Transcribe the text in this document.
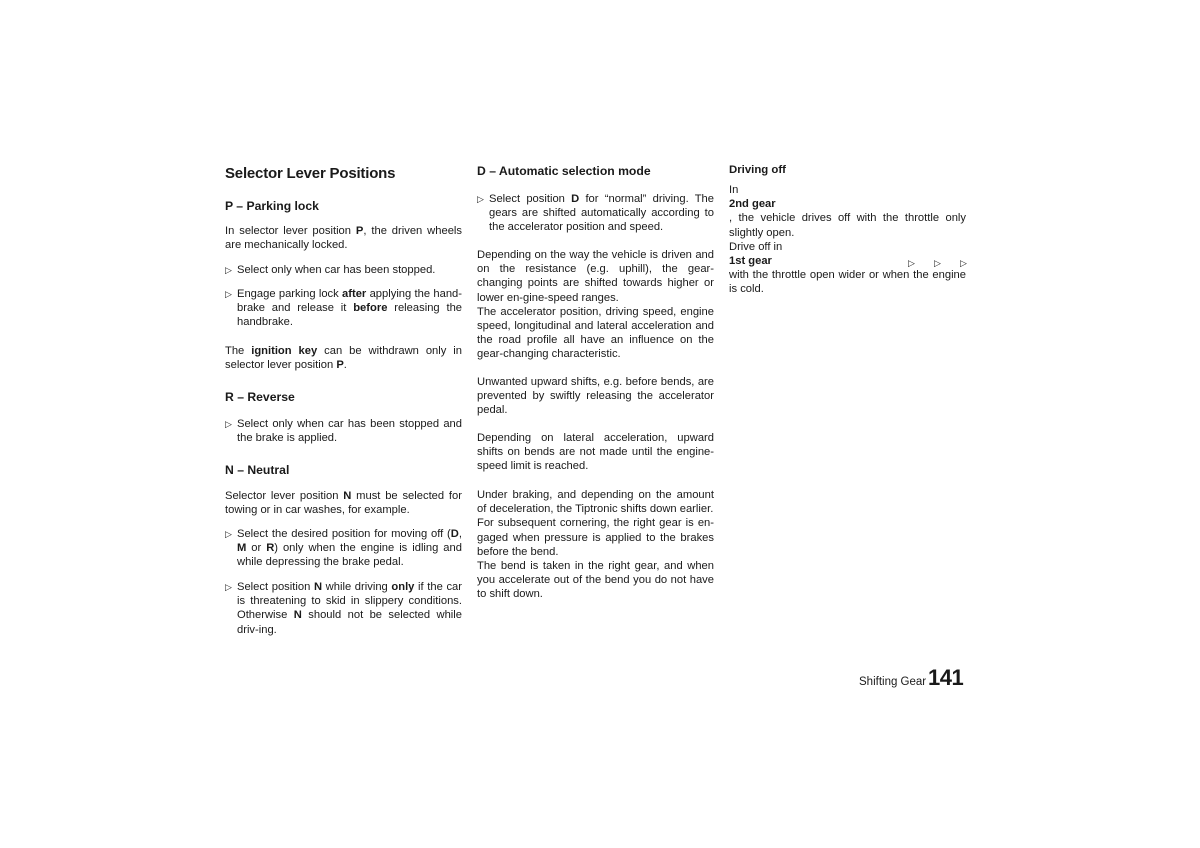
Selector Lever Positions
P – Parking lock

In selector lever position P, the driven wheels are mechanically locked.

▷ Select only when car has been stopped.
▷ Engage parking lock after applying the hand-brake and release it before releasing the handbrake.

The ignition key can be withdrawn only in selector lever position P.

R – Reverse
▷ Select only when car has been stopped and the brake is applied.
N – Neutral

Selector lever position N must be selected for towing or in car washes, for example.

▷ Select the desired position for moving off (D, M or R) only when the engine is idling and while depressing the brake pedal.
▷ Select position N while driving only if the car is threatening to skid in slippery conditions. Otherwise N should not be selected while driv-ing.
D – Automatic selection mode
▷ Select position D for “normal” driving. The gears are shifted automatically according to the accelerator position and speed.
Depending on the way the vehicle is driven and on the resistance (e.g. uphill), the gear-changing points are shifted towards higher or lower en-gine-speed ranges.
The accelerator position, driving speed, engine speed, longitudinal and lateral acceleration and the road profile all have an influence on the gear-changing characteristic.
Unwanted upward shifts, e.g. before bends, are prevented by swiftly releasing the accelerator pedal.
Depending on lateral acceleration, upward shifts on bends are not made until the engine-speed limit is reached.
Under braking, and depending on the amount of deceleration, the Tiptronic shifts down earlier.
For subsequent cornering, the right gear is en-gaged when pressure is applied to the brakes before the bend.
The bend is taken in the right gear, and when you accelerate out of the bend you do not have to shift down.
Driving off
In
2nd gear
, the vehicle drives off with the throttle only slightly open.
Drive off in
1st gear
with the throttle open wider or when the engine is cold.
▷ ▷ ▷
Shifting Gear 141
